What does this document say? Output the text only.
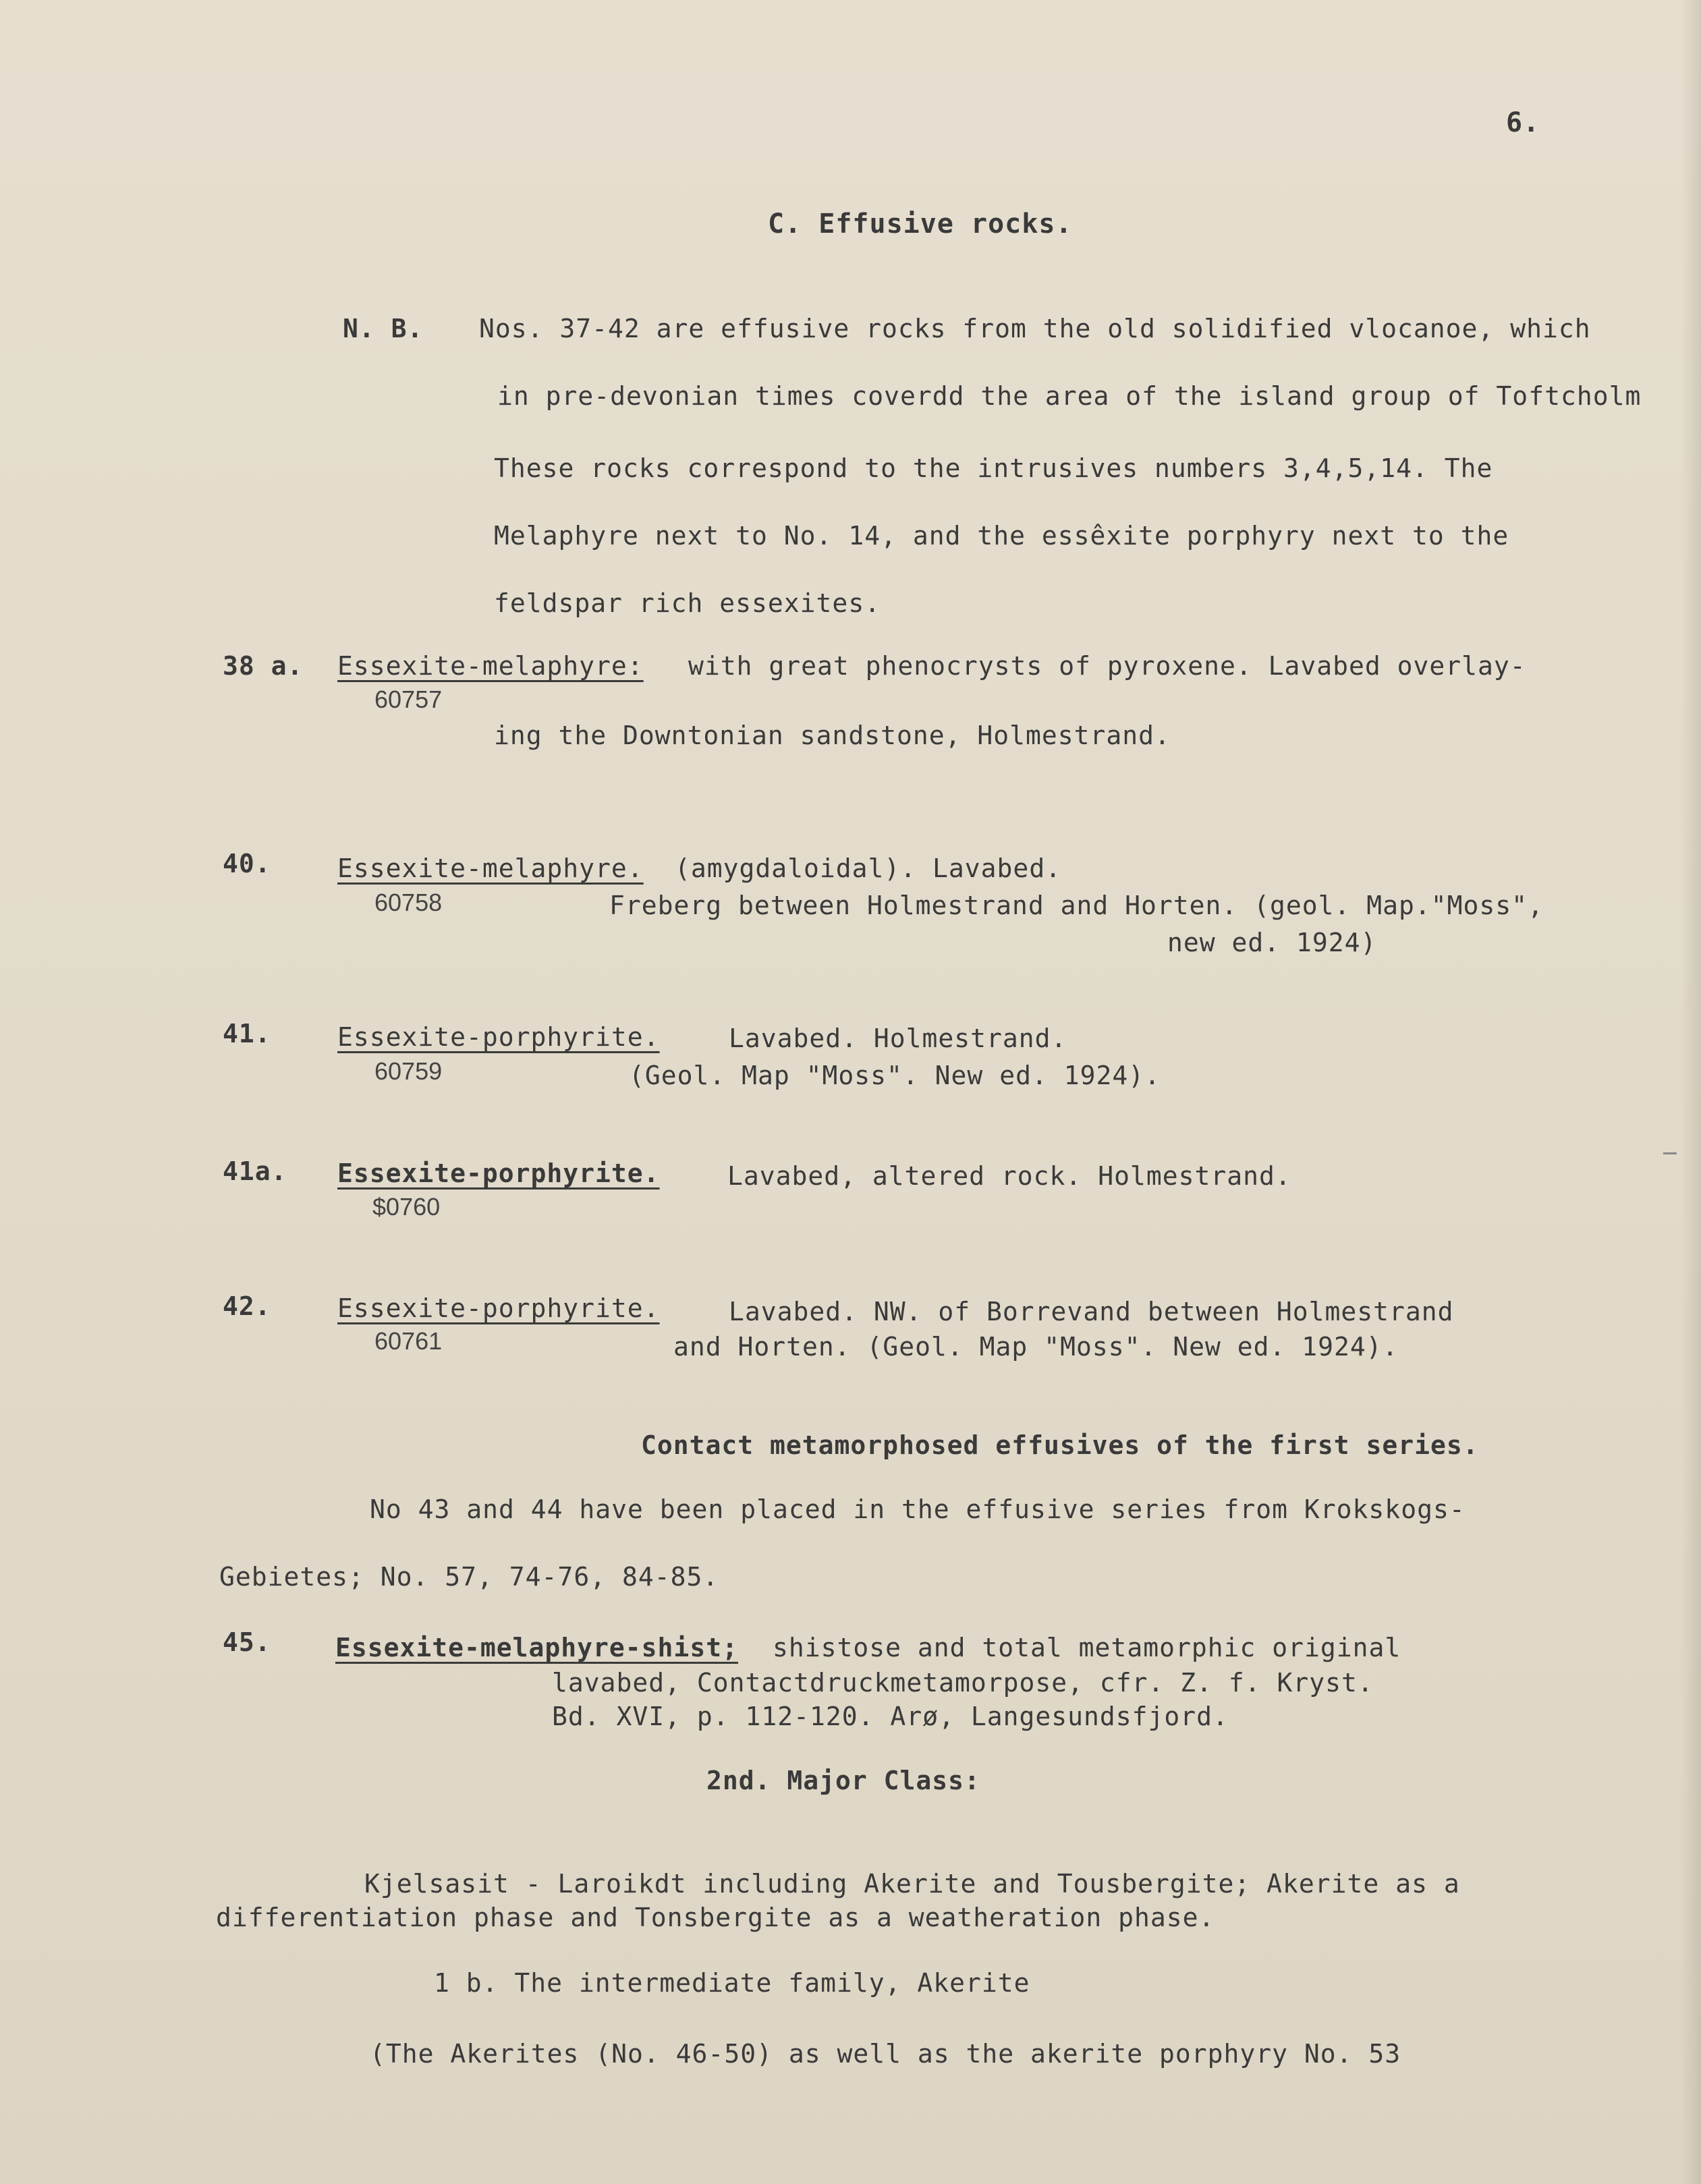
6.
C. Effusive rocks.
N. B. Nos. 37-42 are effusive rocks from the old solidified vlocanoe, which
in pre-devonian times coverdd the area of the island group of Toftcholm
These rocks correspond to the intrusives numbers 3,4,5,14. The
Melaphyre next to No. 14, and the essêxite porphyry next to the
feldspar rich essexites.
38 a. Essexite-melaphyre: with great phenocrysts of pyroxene. Lavabed overlay-
60757
ing the Downtonian sandstone, Holmestrand.
40.	Essexite-melaphyre. (amygdaloidal). Lavabed.
60758	Freberg between Holmestrand and Horten. (geol. Map."Moss",
new ed. 1924)
41.	Essexite-porphyrite.	Lavabed. Holmestrand.
60759	(Geol. Map "Moss". New ed. 1924).
41a. Essexite-porphyrite.	Lavabed, altered rock. Holmestrand.
$0760
42.	Essexite-porphyrite.	Lavabed. NW. of Borrevand between Holmestrand
60761	and Horten. (Geol. Map "Moss". New ed. 1924).
Contact metamorphosed effusives of the first series.
No 43 and 44 have been placed in the effusive series from Krokskogs-
Gebietes; No. 57, 74-76, 84-85.
45.	Essexite-melaphyre-shist; shistose and total metamorphic original
lavabed, Contactdruckmetamorpose, cfr. Z. f. Kryst.
Bd. XVI, p. 112-120. Arø, Langesundsfjord.
2nd. Major Class:
Kjelsasit - Laroikdt including Akerite and Tousbergite; Akerite as a
differentiation phase and Tonsbergite as a weatheration phase.
1 b. The intermediate family, Akerite
(The Akerites (No. 46-50) as well as the akerite porphyry No. 53
